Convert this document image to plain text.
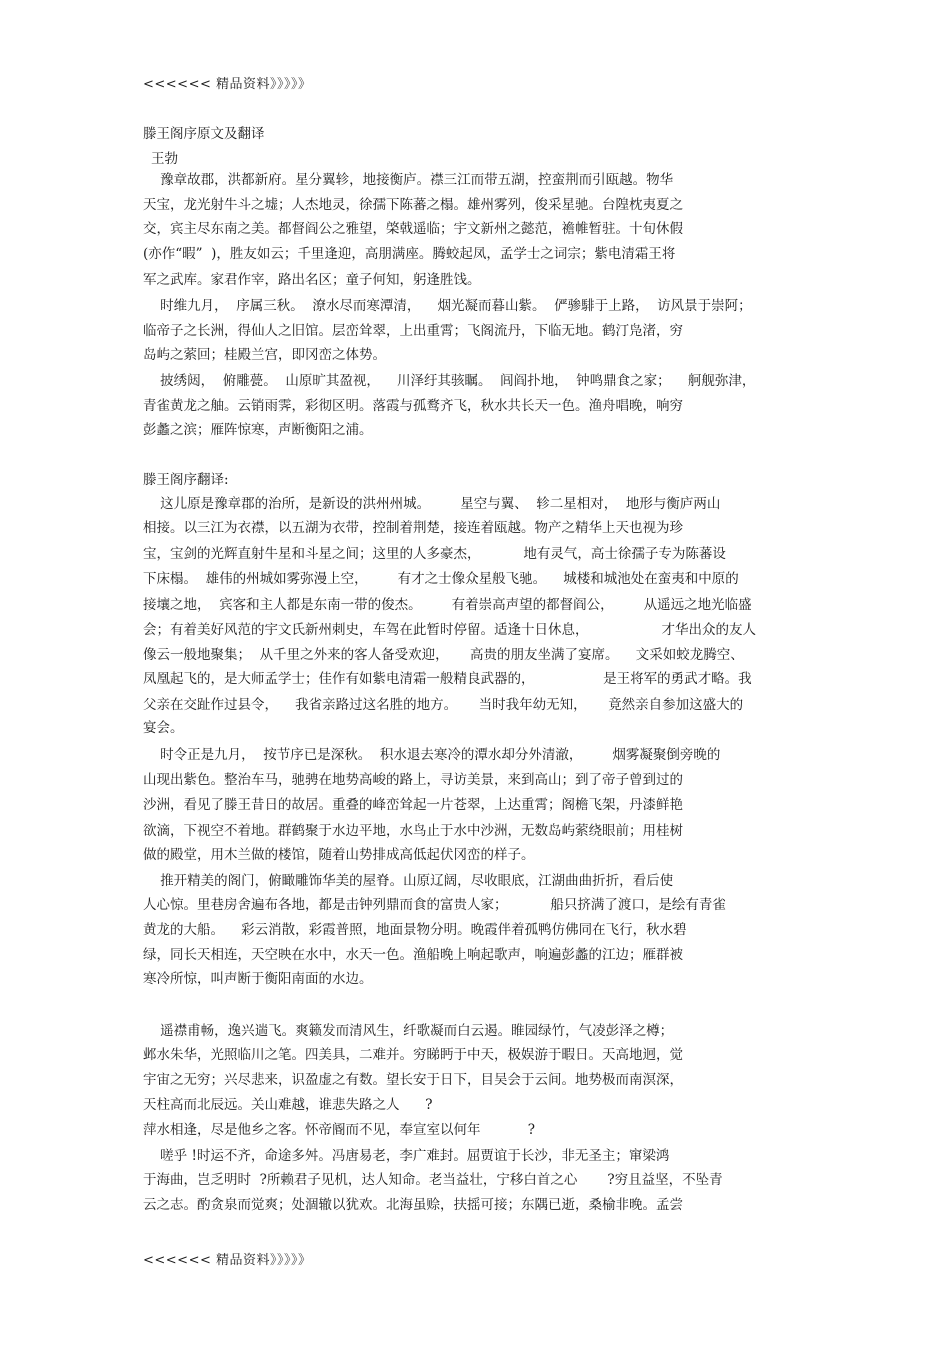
<<<<<< 精品资料》》》》》
滕王阁序原文及翻译
王勃
豫章故郡，洪都新府。星分翼轸，地接衡庐。襟三江而带五湖，控蛮荆而引瓯越。物华
天宝，龙光射牛斗之墟；人杰地灵，徐孺下陈蕃之榻。雄州雾列，俊采星驰。台隍枕夷夏之
交，宾主尽东南之美。都督阎公之雅望，棨戟遥临；宇文新州之懿范，襜帷暂驻。十旬休假
(亦作“暇”  )，胜友如云；千里逢迎，高朋满座。腾蛟起凤，孟学士之词宗；紫电清霜王将
军之武库。家君作宰，路出名区；童子何知，躬逢胜饯。
时维九月，  序属三秋。  潦水尽而寒潭清，    烟光凝而暮山紫。  俨骖騑于上路，  访风景于崇阿；
临帝子之长洲，得仙人之旧馆。层峦耸翠，上出重霄；飞阁流丹，下临无地。鹤汀凫渚，穷
岛屿之萦回；桂殿兰宫，即冈峦之体势。
披绣闼，  俯雕甍。  山原旷其盈视，    川泽纡其骇瞩。  闾阎扑地，  钟鸣鼎食之家；    舸舰弥津，
青雀黄龙之舳。云销雨霁，彩彻区明。落霞与孤鹜齐飞，秋水共长天一色。渔舟唱晚，响穷
彭蠡之滨；雁阵惊寒，声断衡阳之浦。
滕王阁序翻译:
这儿原是豫章郡的治所，是新设的洪州州城。       星空与翼、  轸二星相对，  地形与衡庐两山
相接。以三江为衣襟，以五湖为衣带，控制着荆楚，接连着瓯越。物产之精华上天也视为珍
宝，宝剑的光辉直射牛星和斗星之间；这里的人多豪杰，          地有灵气，高士徐孺子专为陈蕃设
下床榻。  雄伟的州城如雾弥漫上空，       有才之士像众星般飞驰。    城楼和城池处在蛮夷和中原的
接壤之地，  宾客和主人都是东南一带的俊杰。       有着崇高声望的都督阎公，       从遥远之地光临盛
会；有着美好风范的宇文氏新州刺史，车驾在此暂时停留。适逢十日休息，                 才华出众的友人
像云一般地聚集；  从千里之外来的客人备受欢迎，     高贵的朋友坐满了宴席。    文采如蛟龙腾空、
凤凰起飞的，是大师孟学士；佳作有如紫电清霜一般精良武器的，                是王将军的勇武才略。我
父亲在交趾作过县令，    我省亲路过这名胜的地方。     当时我年幼无知，     竟然亲自参加这盛大的
宴会。
时令正是九月，  按节序已是深秋。  积水退去寒冷的潭水却分外清澈，       烟雾凝聚倒旁晚的
山现出紫色。整治车马，驰骋在地势高峻的路上，寻访美景，来到高山；到了帝子曾到过的
沙洲，看见了滕王昔日的故居。重叠的峰峦耸起一片苍翠，上达重霄；阁檐飞架，丹漆鲜艳
欲滴，下视空不着地。群鹤聚于水边平地，水鸟止于水中沙洲，无数岛屿萦绕眼前；用桂树
做的殿堂，用木兰做的楼馆，随着山势排成高低起伏冈峦的样子。
推开精美的阁门，俯瞰雕饰华美的屋脊。山原辽阔，尽收眼底，江湖曲曲折折，看后使
人心惊。里巷房舍遍布各地，都是击钟列鼎而食的富贵人家；          船只挤满了渡口，是绘有青雀
黄龙的大船。    彩云消散，彩霞普照，地面景物分明。晚霞伴着孤鸭仿佛同在飞行，秋水碧
绿，同长天相连，天空映在水中，水天一色。渔船晚上响起歌声，响遍彭蠡的江边；雁群被
寒冷所惊，叫声断于衡阳南面的水边。
遥襟甫畅，逸兴遄飞。爽籁发而清风生，纤歌凝而白云遏。睢园绿竹，气凌彭泽之樽；
邺水朱华，光照临川之笔。四美具，二难并。穷睇眄于中天，极娱游于暇日。天高地迥，觉
宇宙之无穷；兴尽悲来，识盈虚之有数。望长安于日下，目吴会于云间。地势极而南溟深，
天柱高而北辰远。关山难越，谁悲失路之人      ?
萍水相逢，尽是他乡之客。怀帝阍而不见，奉宣室以何年           ?
嗟乎 !时运不齐，命途多舛。冯唐易老，李广难封。屈贾谊于长沙，非无圣主；窜梁鸿
于海曲，岂乏明时  ?所赖君子见机，达人知命。老当益壮，宁移白首之心       ?穷且益坚，不坠青
云之志。酌贪泉而觉爽；处涸辙以犹欢。北海虽赊，扶摇可接；东隅已逝，桑榆非晚。孟尝
<<<<<< 精品资料》》》》》
